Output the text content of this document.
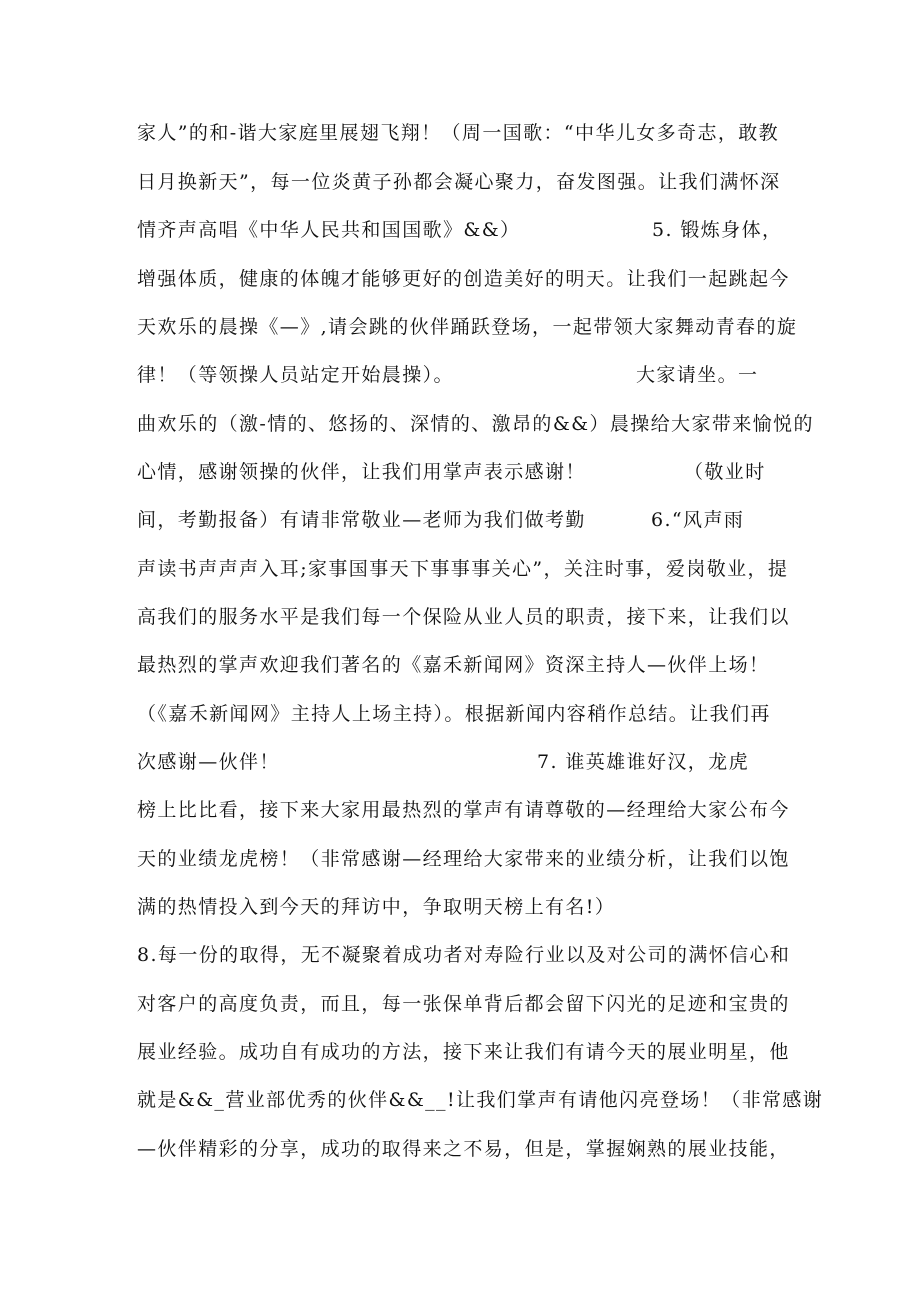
家人”的和-谐大家庭里展翅飞翔！（周一国歌：“中华儿女多奇志，敢教
日月换新天”，每一位炎黄子孙都会凝心聚力，奋发图强。让我们满怀深
情齐声高唱《中华人民共和国国歌》&&）	5. 锻炼身体，
增强体质，健康的体魄才能够更好的创造美好的明天。让我们一起跳起今
天欢乐的晨操《—》,请会跳的伙伴踊跃登场，一起带领大家舞动青春的旋
律！（等领操人员站定开始晨操）。	大家请坐。一
曲欢乐的（激-情的、悠扬的、深情的、激昂的&&）晨操给大家带来愉悦的
心情，感谢领操的伙伴，让我们用掌声表示感谢！	（敬业时
间，考勤报备）有请非常敬业—老师为我们做考勤	6.“风声雨
声读书声声声入耳;家事国事天下事事事关心”，关注时事，爱岗敬业，提
高我们的服务水平是我们每一个保险从业人员的职责，接下来，让我们以
最热烈的掌声欢迎我们著名的《嘉禾新闻网》资深主持人—伙伴上场！
（《嘉禾新闻网》主持人上场主持）。根据新闻内容稍作总结。让我们再
次感谢—伙伴！	7. 谁英雄谁好汉，龙虎
榜上比比看，接下来大家用最热烈的掌声有请尊敬的—经理给大家公布今
天的业绩龙虎榜！（非常感谢—经理给大家带来的业绩分析，让我们以饱
满的热情投入到今天的拜访中，争取明天榜上有名!）
8.每一份的取得，无不凝聚着成功者对寿险行业以及对公司的满怀信心和
对客户的高度负责，而且，每一张保单背后都会留下闪光的足迹和宝贵的
展业经验。成功自有成功的方法，接下来让我们有请今天的展业明星，他
就是&&_营业部优秀的伙伴&&__!让我们掌声有请他闪亮登场！（非常感谢
—伙伴精彩的分享，成功的取得来之不易，但是，掌握娴熟的展业技能，
